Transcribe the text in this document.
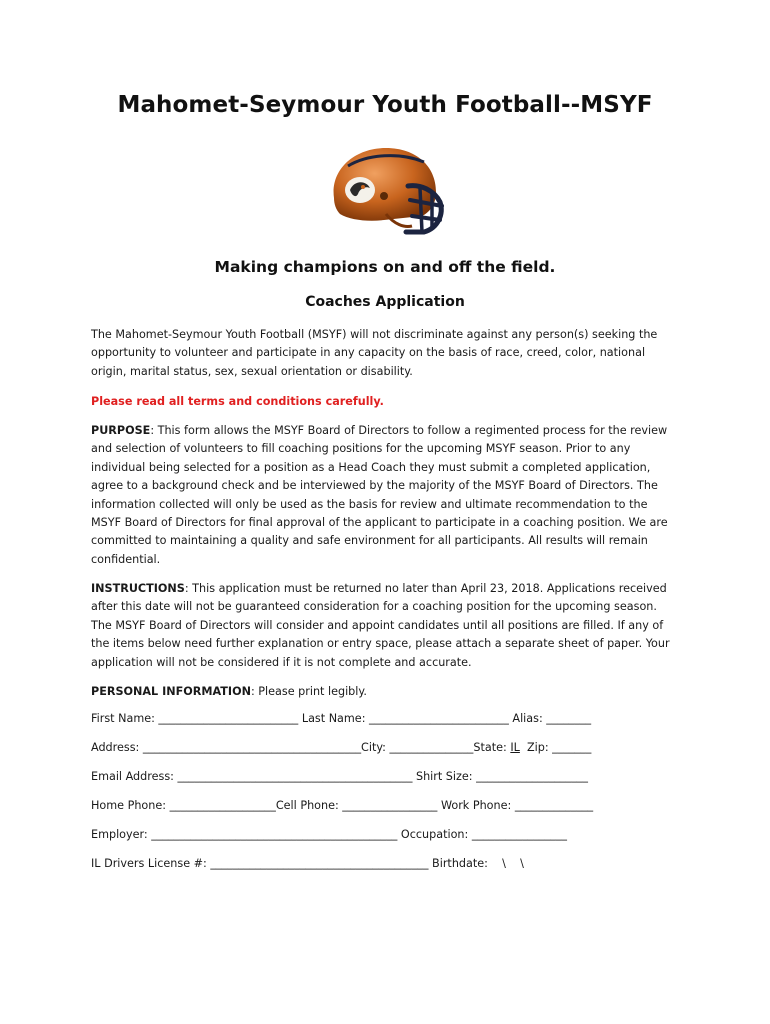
Mahomet-Seymour Youth Football--MSYF
Making champions on and off the field.
Coaches Application
The Mahomet-Seymour Youth Football (MSYF) will not discriminate against any person(s) seeking the opportunity to volunteer and participate in any capacity on the basis of race, creed, color, national origin, marital status, sex, sexual orientation or disability.
Please read all terms and conditions carefully.
PURPOSE: This form allows the MSYF Board of Directors to follow a regimented process for the review and selection of volunteers to fill coaching positions for the upcoming MSYF season. Prior to any individual being selected for a position as a Head Coach they must submit a completed application, agree to a background check and be interviewed by the majority of the MSYF Board of Directors. The information collected will only be used as the basis for review and ultimate recommendation to the MSYF Board of Directors for final approval of the applicant to participate in a coaching position. We are committed to maintaining a quality and safe environment for all participants. All results will remain confidential.
INSTRUCTIONS: This application must be returned no later than April 23, 2018. Applications received after this date will not be guaranteed consideration for a coaching position for the upcoming season. The MSYF Board of Directors will consider and appoint candidates until all positions are filled. If any of the items below need further explanation or entry space, please attach a separate sheet of paper. Your application will not be considered if it is not complete and accurate.
PERSONAL INFORMATION: Please print legibly.
First Name: _________________________ Last Name: _________________________ Alias: ________
Address: _______________________________________City: _______________State: IL  Zip: _______
Email Address: __________________________________________ Shirt Size: ____________________
Home Phone: ___________________Cell Phone: _________________ Work Phone: ______________
Employer: ____________________________________________ Occupation: _________________
IL Drivers License #: _______________________________________ Birthdate:    \    \
